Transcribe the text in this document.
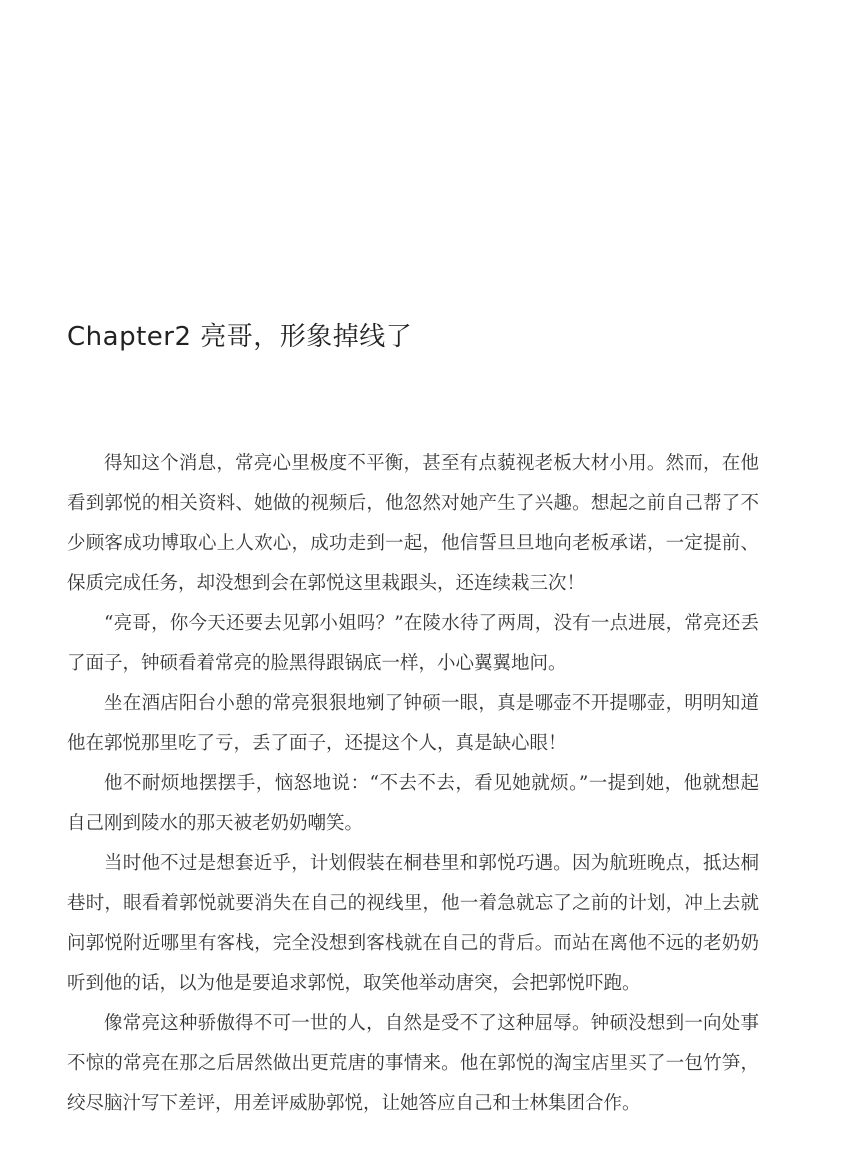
Chapter2 亮哥，形象掉线了

得知这个消息，常亮心里极度不平衡，甚至有点藐视老板大材小用。然而，在他看到郭悦的相关资料、她做的视频后，他忽然对她产生了兴趣。想起之前自己帮了不少顾客成功博取心上人欢心，成功走到一起，他信誓旦旦地向老板承诺，一定提前、保质完成任务，却没想到会在郭悦这里栽跟头，还连续栽三次！

“亮哥，你今天还要去见郭小姐吗？”在陵水待了两周，没有一点进展，常亮还丢了面子，钟硕看着常亮的脸黑得跟锅底一样，小心翼翼地问。

坐在酒店阳台小憩的常亮狠狠地剜了钟硕一眼，真是哪壶不开提哪壶，明明知道他在郭悦那里吃了亏，丢了面子，还提这个人，真是缺心眼！

他不耐烦地摆摆手，恼怒地说：“不去不去，看见她就烦。”一提到她，他就想起自己刚到陵水的那天被老奶奶嘲笑。

当时他不过是想套近乎，计划假装在桐巷里和郭悦巧遇。因为航班晚点，抵达桐巷时，眼看着郭悦就要消失在自己的视线里，他一着急就忘了之前的计划，冲上去就问郭悦附近哪里有客栈，完全没想到客栈就在自己的背后。而站在离他不远的老奶奶听到他的话，以为他是要追求郭悦，取笑他举动唐突，会把郭悦吓跑。

像常亮这种骄傲得不可一世的人，自然是受不了这种屈辱。钟硕没想到一向处事不惊的常亮在那之后居然做出更荒唐的事情来。他在郭悦的淘宝店里买了一包竹笋，绞尽脑汁写下差评，用差评威胁郭悦，让她答应自己和士林集团合作。
